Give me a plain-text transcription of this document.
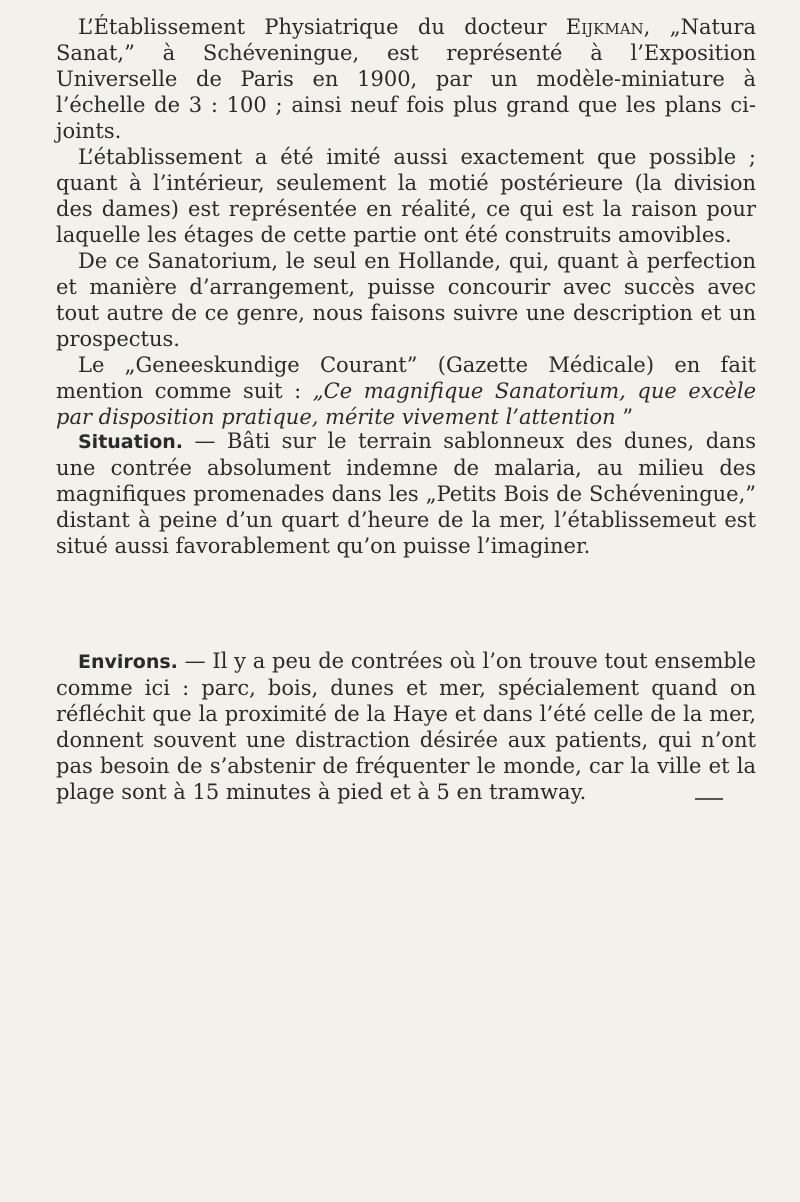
L’Établissement Physiatrique du docteur Eijkman, „Natura Sanat,” à Schéveningue, est représenté à l’Exposition Universelle de Paris en 1900, par un modèle-miniature à l’échelle de 3 : 100 ; ainsi neuf fois plus grand que les plans ci-joints.

L’établissement a été imité aussi exactement que possible ; quant à l’intérieur, seulement la motié postérieure (la division des dames) est représentée en réalité, ce qui est la raison pour laquelle les étages de cette partie ont été construits amovibles.

De ce Sanatorium, le seul en Hollande, qui, quant à perfection et manière d’arrangement, puisse concourir avec succès avec tout autre de ce genre, nous faisons suivre une description et un prospectus.

Le „Geneeskundige Courant” (Gazette Médicale) en fait mention comme suit : „Ce magnifique Sanatorium, que excèle par disposition pratique, mérite vivement l’attention ”

Situation. — Bâti sur le terrain sablonneux des dunes, dans une contrée absolument indemne de malaria, au milieu des magnifiques promenades dans les „Petits Bois de Schéveningue,” distant à peine d’un quart d’heure de la mer, l’établissemeut est situé aussi favorablement qu’on puisse l’imaginer.

Environs. — Il y a peu de contrées où l’on trouve tout ensemble comme ici : parc, bois, dunes et mer, spécialement quand on réfléchit que la proximité de la Haye et dans l’été celle de la mer, donnent souvent une distraction désirée aux patients, qui n’ont pas besoin de s’abstenir de fréquenter le monde, car la ville et la plage sont à 15 minutes à pied et à 5 en tramway.
